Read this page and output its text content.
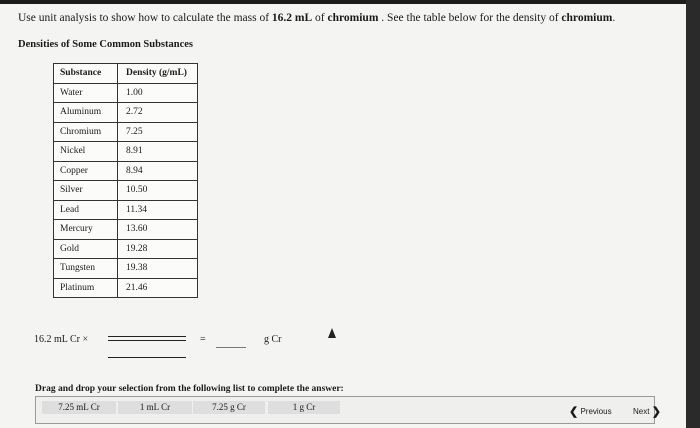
Use unit analysis to show how to calculate the mass of 16.2 mL of chromium . See the table below for the density of chromium.
Densities of Some Common Substances
Substance	Density (g/mL)
Water	1.00
Aluminum	2.72
Chromium	7.25
Nickel	8.91
Copper	8.94
Silver	10.50
Lead	11.34
Mercury	13.60
Gold	19.28
Tungsten	19.38
Platinum	21.46
16.2 mL Cr ×	=	g Cr
Drag and drop your selection from the following list to complete the answer:
7.25 mL Cr	1 mL Cr	7.25 g Cr	1 g Cr	❮ Previous	Next ❯
